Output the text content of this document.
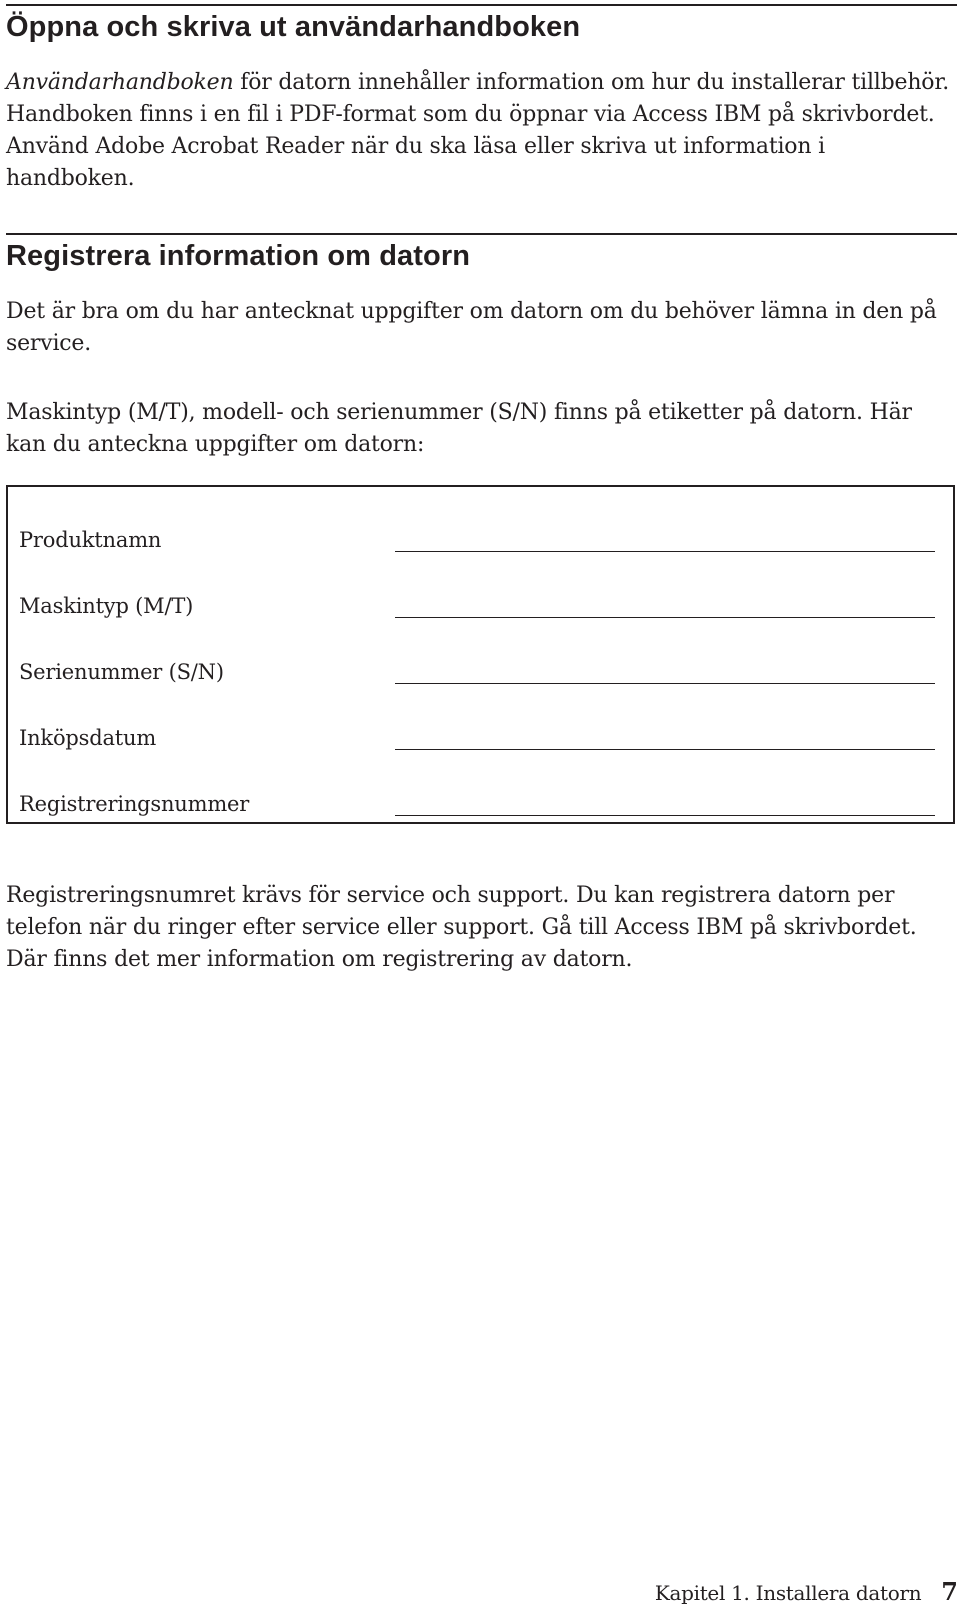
Öppna och skriva ut användarhandboken

Användarhandboken för datorn innehåller information om hur du installerar tillbehör. Handboken finns i en fil i PDF-format som du öppnar via Access IBM på skrivbordet. Använd Adobe Acrobat Reader när du ska läsa eller skriva ut information i handboken.

Registrera information om datorn

Det är bra om du har antecknat uppgifter om datorn om du behöver lämna in den på service.

Maskintyp (M/T), modell- och serienummer (S/N) finns på etiketter på datorn. Här kan du anteckna uppgifter om datorn:

Produktnamn
Maskintyp (M/T)
Serienummer (S/N)
Inköpsdatum
Registreringsnummer

Registreringsnumret krävs för service och support. Du kan registrera datorn per telefon när du ringer efter service eller support. Gå till Access IBM på skrivbordet. Där finns det mer information om registrering av datorn.

Kapitel 1. Installera datorn 7
